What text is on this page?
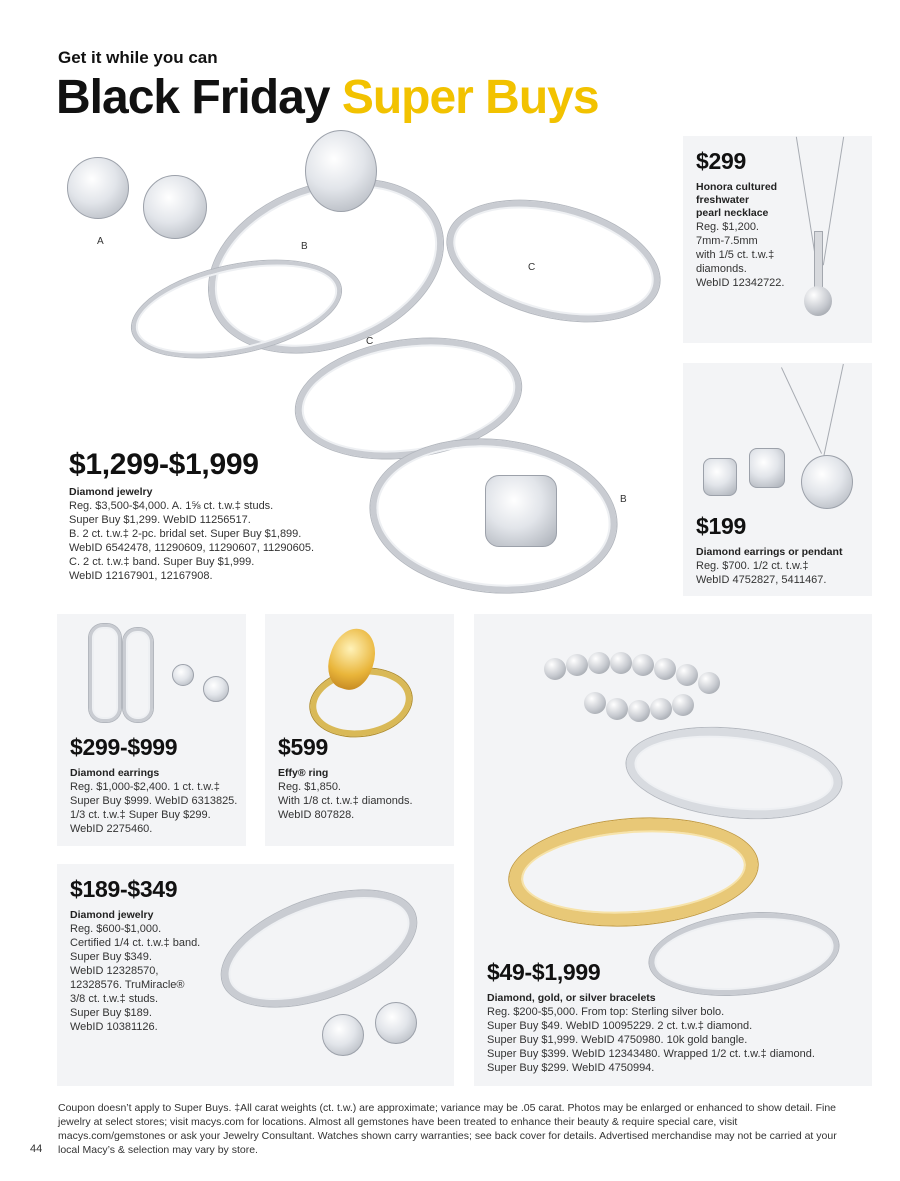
Get it while you can
Black Friday Super Buys
A	B
C
C
B
$1,299-$1,999
Diamond jewelry
Reg. $3,500-$4,000. A. 1⅝ ct. t.w.‡ studs.
Super Buy $1,299. WebID 11256517.
B. 2 ct. t.w.‡ 2-pc. bridal set. Super Buy $1,899.
WebID 6542478, 11290609, 11290607, 11290605.
C. 2 ct. t.w.‡ band. Super Buy $1,999.
WebID 12167901, 12167908.
$299
Honora cultured
freshwater
pearl necklace
Reg. $1,200.
7mm-7.5mm
with 1/5 ct. t.w.‡
diamonds.
WebID 12342722.
$199
Diamond earrings or pendant
Reg. $700. 1/2 ct. t.w.‡
WebID 4752827, 5411467.
$299-$999
Diamond earrings
Reg. $1,000-$2,400. 1 ct. t.w.‡
Super Buy $999. WebID 6313825.
1/3 ct. t.w.‡ Super Buy $299.
WebID 2275460.
$599
Effy® ring
Reg. $1,850.
With 1/8 ct. t.w.‡ diamonds.
WebID 807828.
$49-$1,999
Diamond, gold, or silver bracelets
Reg. $200-$5,000. From top: Sterling silver bolo.
Super Buy $49. WebID 10095229. 2 ct. t.w.‡ diamond.
Super Buy $1,999. WebID 4750980. 10k gold bangle.
Super Buy $399. WebID 12343480. Wrapped 1/2 ct. t.w.‡ diamond.
Super Buy $299. WebID 4750994.
$189-$349
Diamond jewelry
Reg. $600-$1,000.
Certified 1/4 ct. t.w.‡ band.
Super Buy $349.
WebID 12328570,
12328576. TruMiracle®
3/8 ct. t.w.‡ studs.
Super Buy $189.
WebID 10381126.
Coupon doesn’t apply to Super Buys. ‡All carat weights (ct. t.w.) are approximate; variance may be .05 carat. Photos may be enlarged or enhanced to show detail. Fine jewelry at select stores; visit macys.com for locations. Almost all gemstones have been treated to enhance their beauty & require special care, visit macys.com/gemstones or ask your Jewelry Consultant. Watches shown carry warranties; see back cover for details. Advertised merchandise may not be carried at your local Macy’s & selection may vary by store.
44
